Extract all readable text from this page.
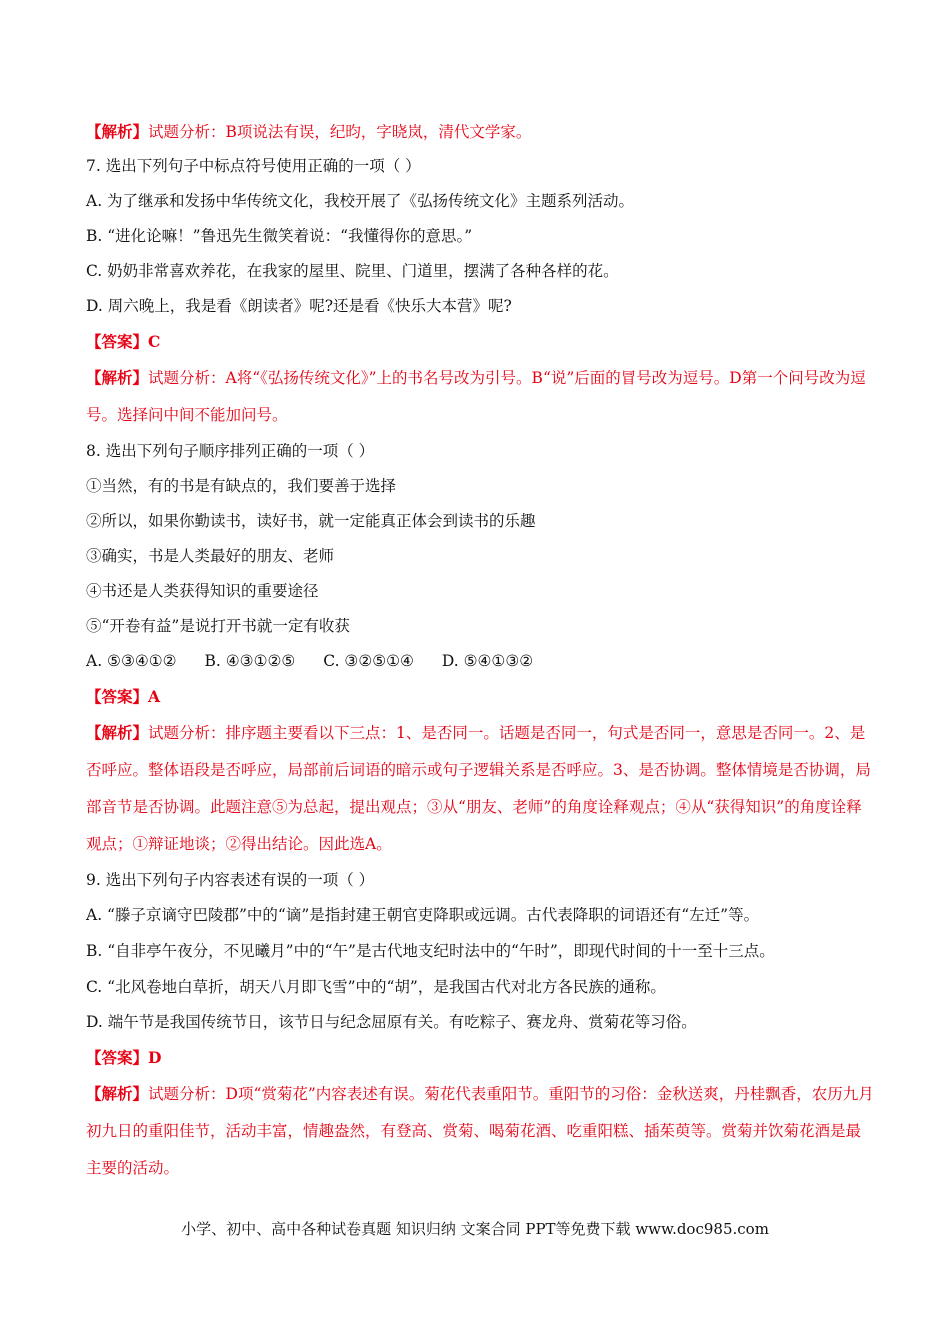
【解析】试题分析：B项说法有误，纪昀，字晓岚，清代文学家。
7. 选出下列句子中标点符号使用正确的一项（ ）
A. 为了继承和发扬中华传统文化，我校开展了《弘扬传统文化》主题系列活动。
B. “进化论嘛！”鲁迅先生微笑着说：“我懂得你的意思。”
C. 奶奶非常喜欢养花，在我家的屋里、院里、门道里，摆满了各种各样的花。
D. 周六晚上，我是看《朗读者》呢?还是看《快乐大本营》呢?
【答案】C
【解析】试题分析：A将“《弘扬传统文化》”上的书名号改为引号。B“说”后面的冒号改为逗号。D第一个问号改为逗号。选择问中间不能加问号。
8. 选出下列句子顺序排列正确的一项（ ）
①当然，有的书是有缺点的，我们要善于选择
②所以，如果你勤读书，读好书，就一定能真正体会到读书的乐趣
③确实，书是人类最好的朋友、老师
④书还是人类获得知识的重要途径
⑤“开卷有益”是说打开书就一定有收获
A. ⑤③④①② B. ④③①②⑤ C. ③②⑤①④ D. ⑤④①③②
【答案】A
【解析】试题分析：排序题主要看以下三点：1、是否同一。话题是否同一，句式是否同一，意思是否同一。2、是否呼应。整体语段是否呼应，局部前后词语的暗示或句子逻辑关系是否呼应。3、是否协调。整体情境是否协调，局部音节是否协调。此题注意⑤为总起，提出观点；③从“朋友、老师”的角度诠释观点；④从“获得知识”的角度诠释观点；①辩证地谈；②得出结论。因此选A。
9. 选出下列句子内容表述有误的一项（ ）
A. “滕子京谪守巴陵郡”中的“谪”是指封建王朝官吏降职或远调。古代表降职的词语还有“左迁”等。
B. “自非亭午夜分，不见曦月”中的“午”是古代地支纪时法中的“午时”，即现代时间的十一至十三点。
C. “北风卷地白草折，胡天八月即飞雪”中的“胡”，是我国古代对北方各民族的通称。
D. 端午节是我国传统节日，该节日与纪念屈原有关。有吃粽子、赛龙舟、赏菊花等习俗。
【答案】D
【解析】试题分析：D项“赏菊花”内容表述有误。菊花代表重阳节。重阳节的习俗：金秋送爽，丹桂飘香，农历九月初九日的重阳佳节，活动丰富，情趣盎然，有登高、赏菊、喝菊花酒、吃重阳糕、插茱萸等。赏菊并饮菊花酒是最主要的活动。
小学、初中、高中各种试卷真题 知识归纳 文案合同 PPT等免费下载 www.doc985.com
